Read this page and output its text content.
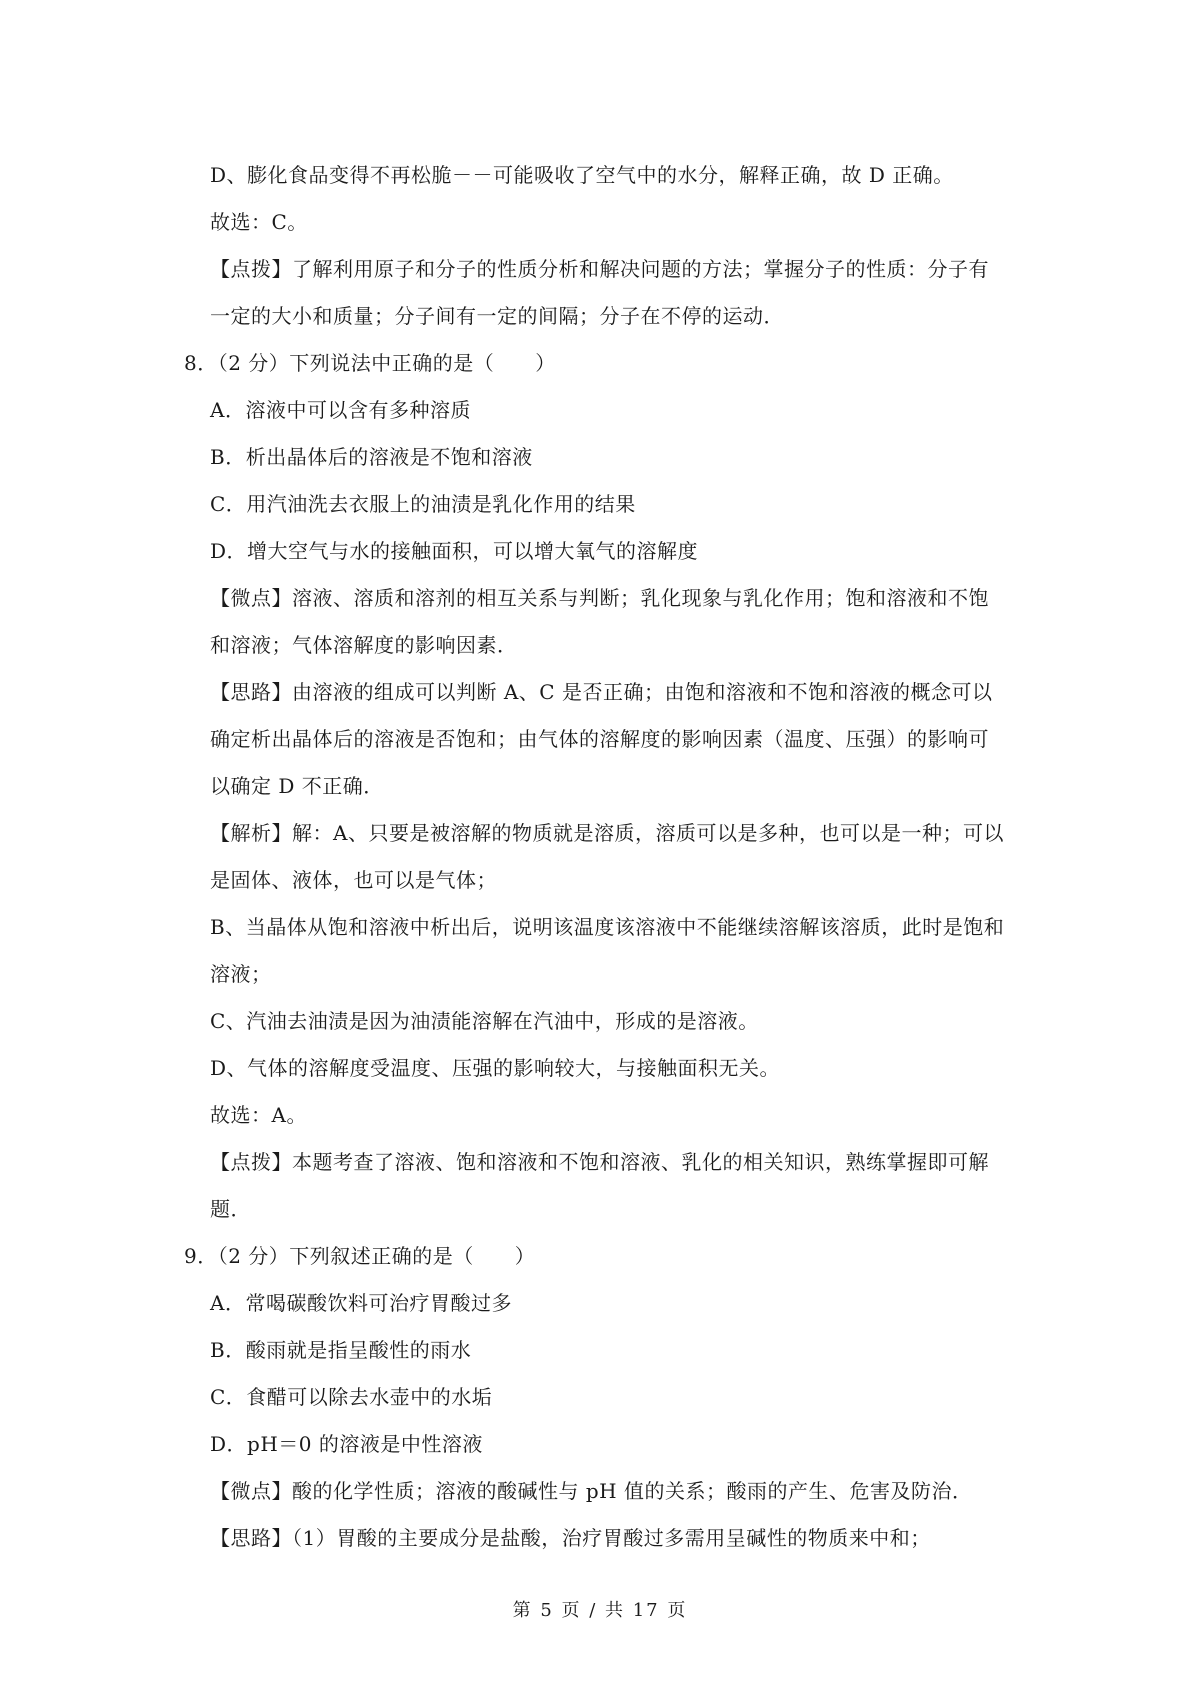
D、膨化食品变得不再松脆－－可能吸收了空气中的水分，解释正确，故 D 正确。
故选：C。
【点拨】了解利用原子和分子的性质分析和解决问题的方法；掌握分子的性质：分子有
一定的大小和质量；分子间有一定的间隔；分子在不停的运动．
8．（2 分）下列说法中正确的是（　　）
A．溶液中可以含有多种溶质
B．析出晶体后的溶液是不饱和溶液
C．用汽油洗去衣服上的油渍是乳化作用的结果
D．增大空气与水的接触面积，可以增大氧气的溶解度
【微点】溶液、溶质和溶剂的相互关系与判断；乳化现象与乳化作用；饱和溶液和不饱
和溶液；气体溶解度的影响因素．
【思路】由溶液的组成可以判断 A、C 是否正确；由饱和溶液和不饱和溶液的概念可以
确定析出晶体后的溶液是否饱和；由气体的溶解度的影响因素（温度、压强）的影响可
以确定 D 不正确．
【解析】解：A、只要是被溶解的物质就是溶质，溶质可以是多种，也可以是一种；可以
是固体、液体，也可以是气体；
B、当晶体从饱和溶液中析出后，说明该温度该溶液中不能继续溶解该溶质，此时是饱和
溶液；
C、汽油去油渍是因为油渍能溶解在汽油中，形成的是溶液。
D、气体的溶解度受温度、压强的影响较大，与接触面积无关。
故选：A。
【点拨】本题考查了溶液、饱和溶液和不饱和溶液、乳化的相关知识，熟练掌握即可解
题．
9．（2 分）下列叙述正确的是（　　）
A．常喝碳酸饮料可治疗胃酸过多
B．酸雨就是指呈酸性的雨水
C．食醋可以除去水壶中的水垢
D．pH＝0 的溶液是中性溶液
【微点】酸的化学性质；溶液的酸碱性与 pH 值的关系；酸雨的产生、危害及防治．
【思路】（1）胃酸的主要成分是盐酸，治疗胃酸过多需用呈碱性的物质来中和；
第 5 页 / 共 17 页
